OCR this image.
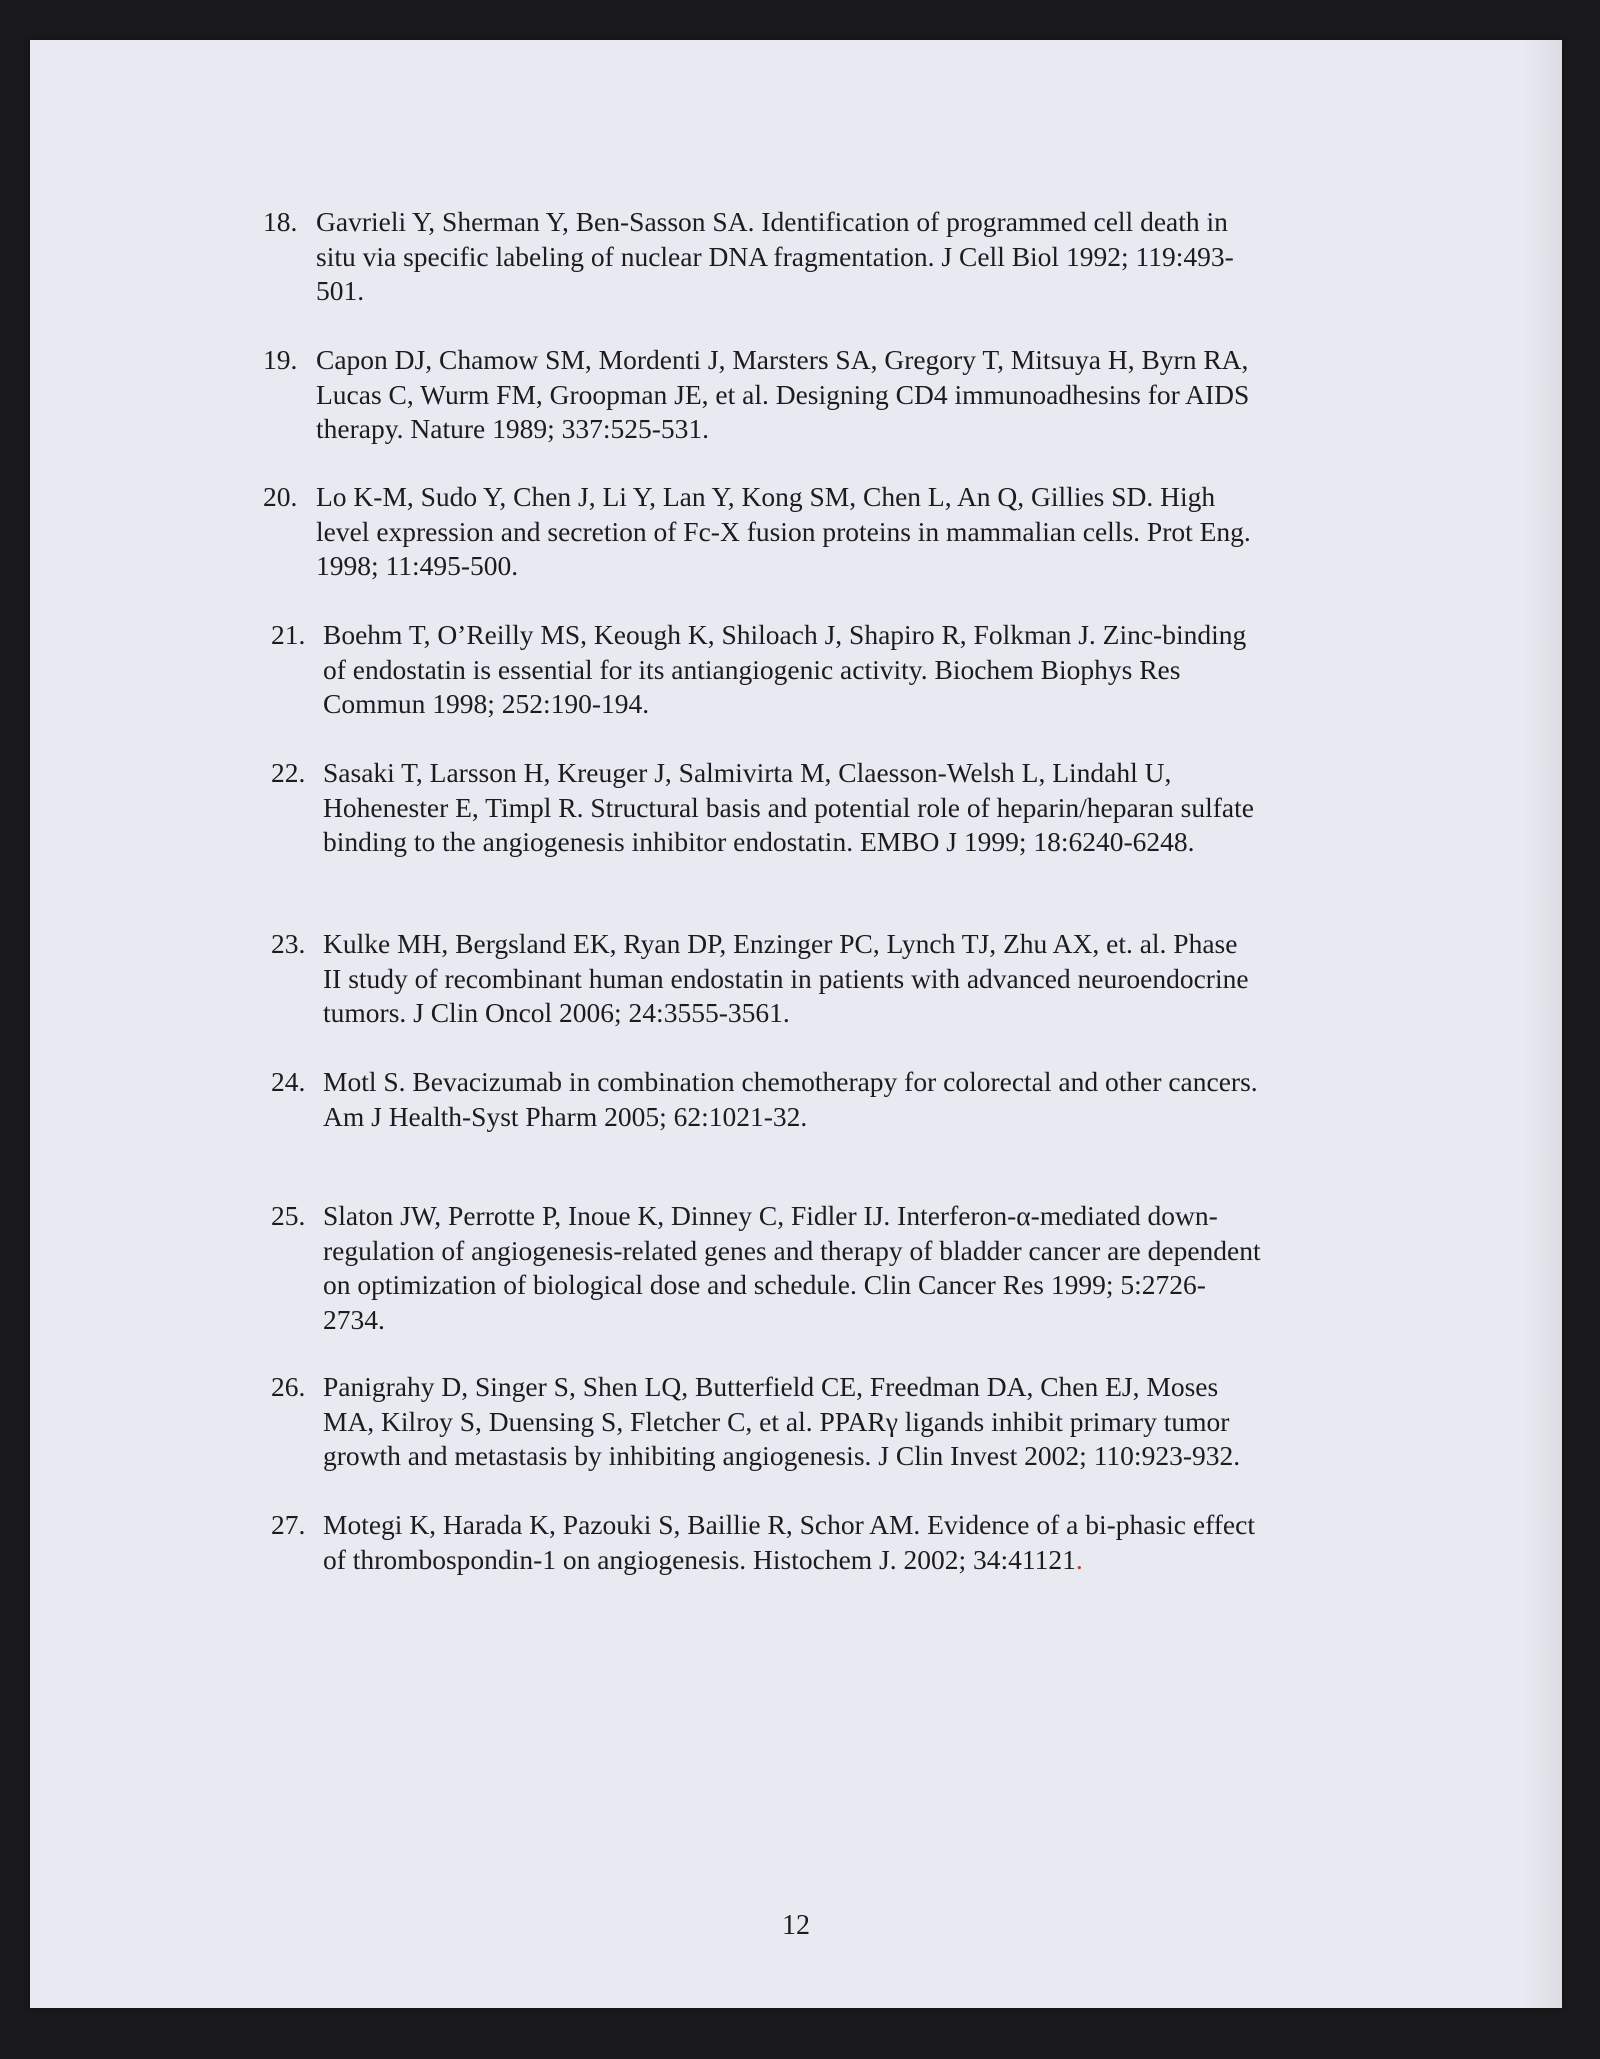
18. Gavrieli Y, Sherman Y, Ben-Sasson SA. Identification of programmed cell death in
situ via specific labeling of nuclear DNA fragmentation. J Cell Biol 1992; 119:493-
501.
19. Capon DJ, Chamow SM, Mordenti J, Marsters SA, Gregory T, Mitsuya H, Byrn RA,
Lucas C, Wurm FM, Groopman JE, et al. Designing CD4 immunoadhesins for AIDS
therapy. Nature 1989; 337:525-531.
20. Lo K-M, Sudo Y, Chen J, Li Y, Lan Y, Kong SM, Chen L, An Q, Gillies SD. High
level expression and secretion of Fc-X fusion proteins in mammalian cells. Prot Eng.
1998; 11:495-500.
21. Boehm T, O’Reilly MS, Keough K, Shiloach J, Shapiro R, Folkman J. Zinc-binding
of endostatin is essential for its antiangiogenic activity. Biochem Biophys Res
Commun 1998; 252:190-194.
22. Sasaki T, Larsson H, Kreuger J, Salmivirta M, Claesson-Welsh L, Lindahl U,
Hohenester E, Timpl R. Structural basis and potential role of heparin/heparan sulfate
binding to the angiogenesis inhibitor endostatin. EMBO J 1999; 18:6240-6248.
23. Kulke MH, Bergsland EK, Ryan DP, Enzinger PC, Lynch TJ, Zhu AX, et. al. Phase
II study of recombinant human endostatin in patients with advanced neuroendocrine
tumors. J Clin Oncol 2006; 24:3555-3561.
24. Motl S. Bevacizumab in combination chemotherapy for colorectal and other cancers.
Am J Health-Syst Pharm 2005; 62:1021-32.
25. Slaton JW, Perrotte P, Inoue K, Dinney C, Fidler IJ. Interferon-α-mediated down-
regulation of angiogenesis-related genes and therapy of bladder cancer are dependent
on optimization of biological dose and schedule. Clin Cancer Res 1999; 5:2726-
2734.
26. Panigrahy D, Singer S, Shen LQ, Butterfield CE, Freedman DA, Chen EJ, Moses
MA, Kilroy S, Duensing S, Fletcher C, et al. PPARγ ligands inhibit primary tumor
growth and metastasis by inhibiting angiogenesis. J Clin Invest 2002; 110:923-932.
27. Motegi K, Harada K, Pazouki S, Baillie R, Schor AM. Evidence of a bi-phasic effect
of thrombospondin-1 on angiogenesis. Histochem J. 2002; 34:41121.
12
